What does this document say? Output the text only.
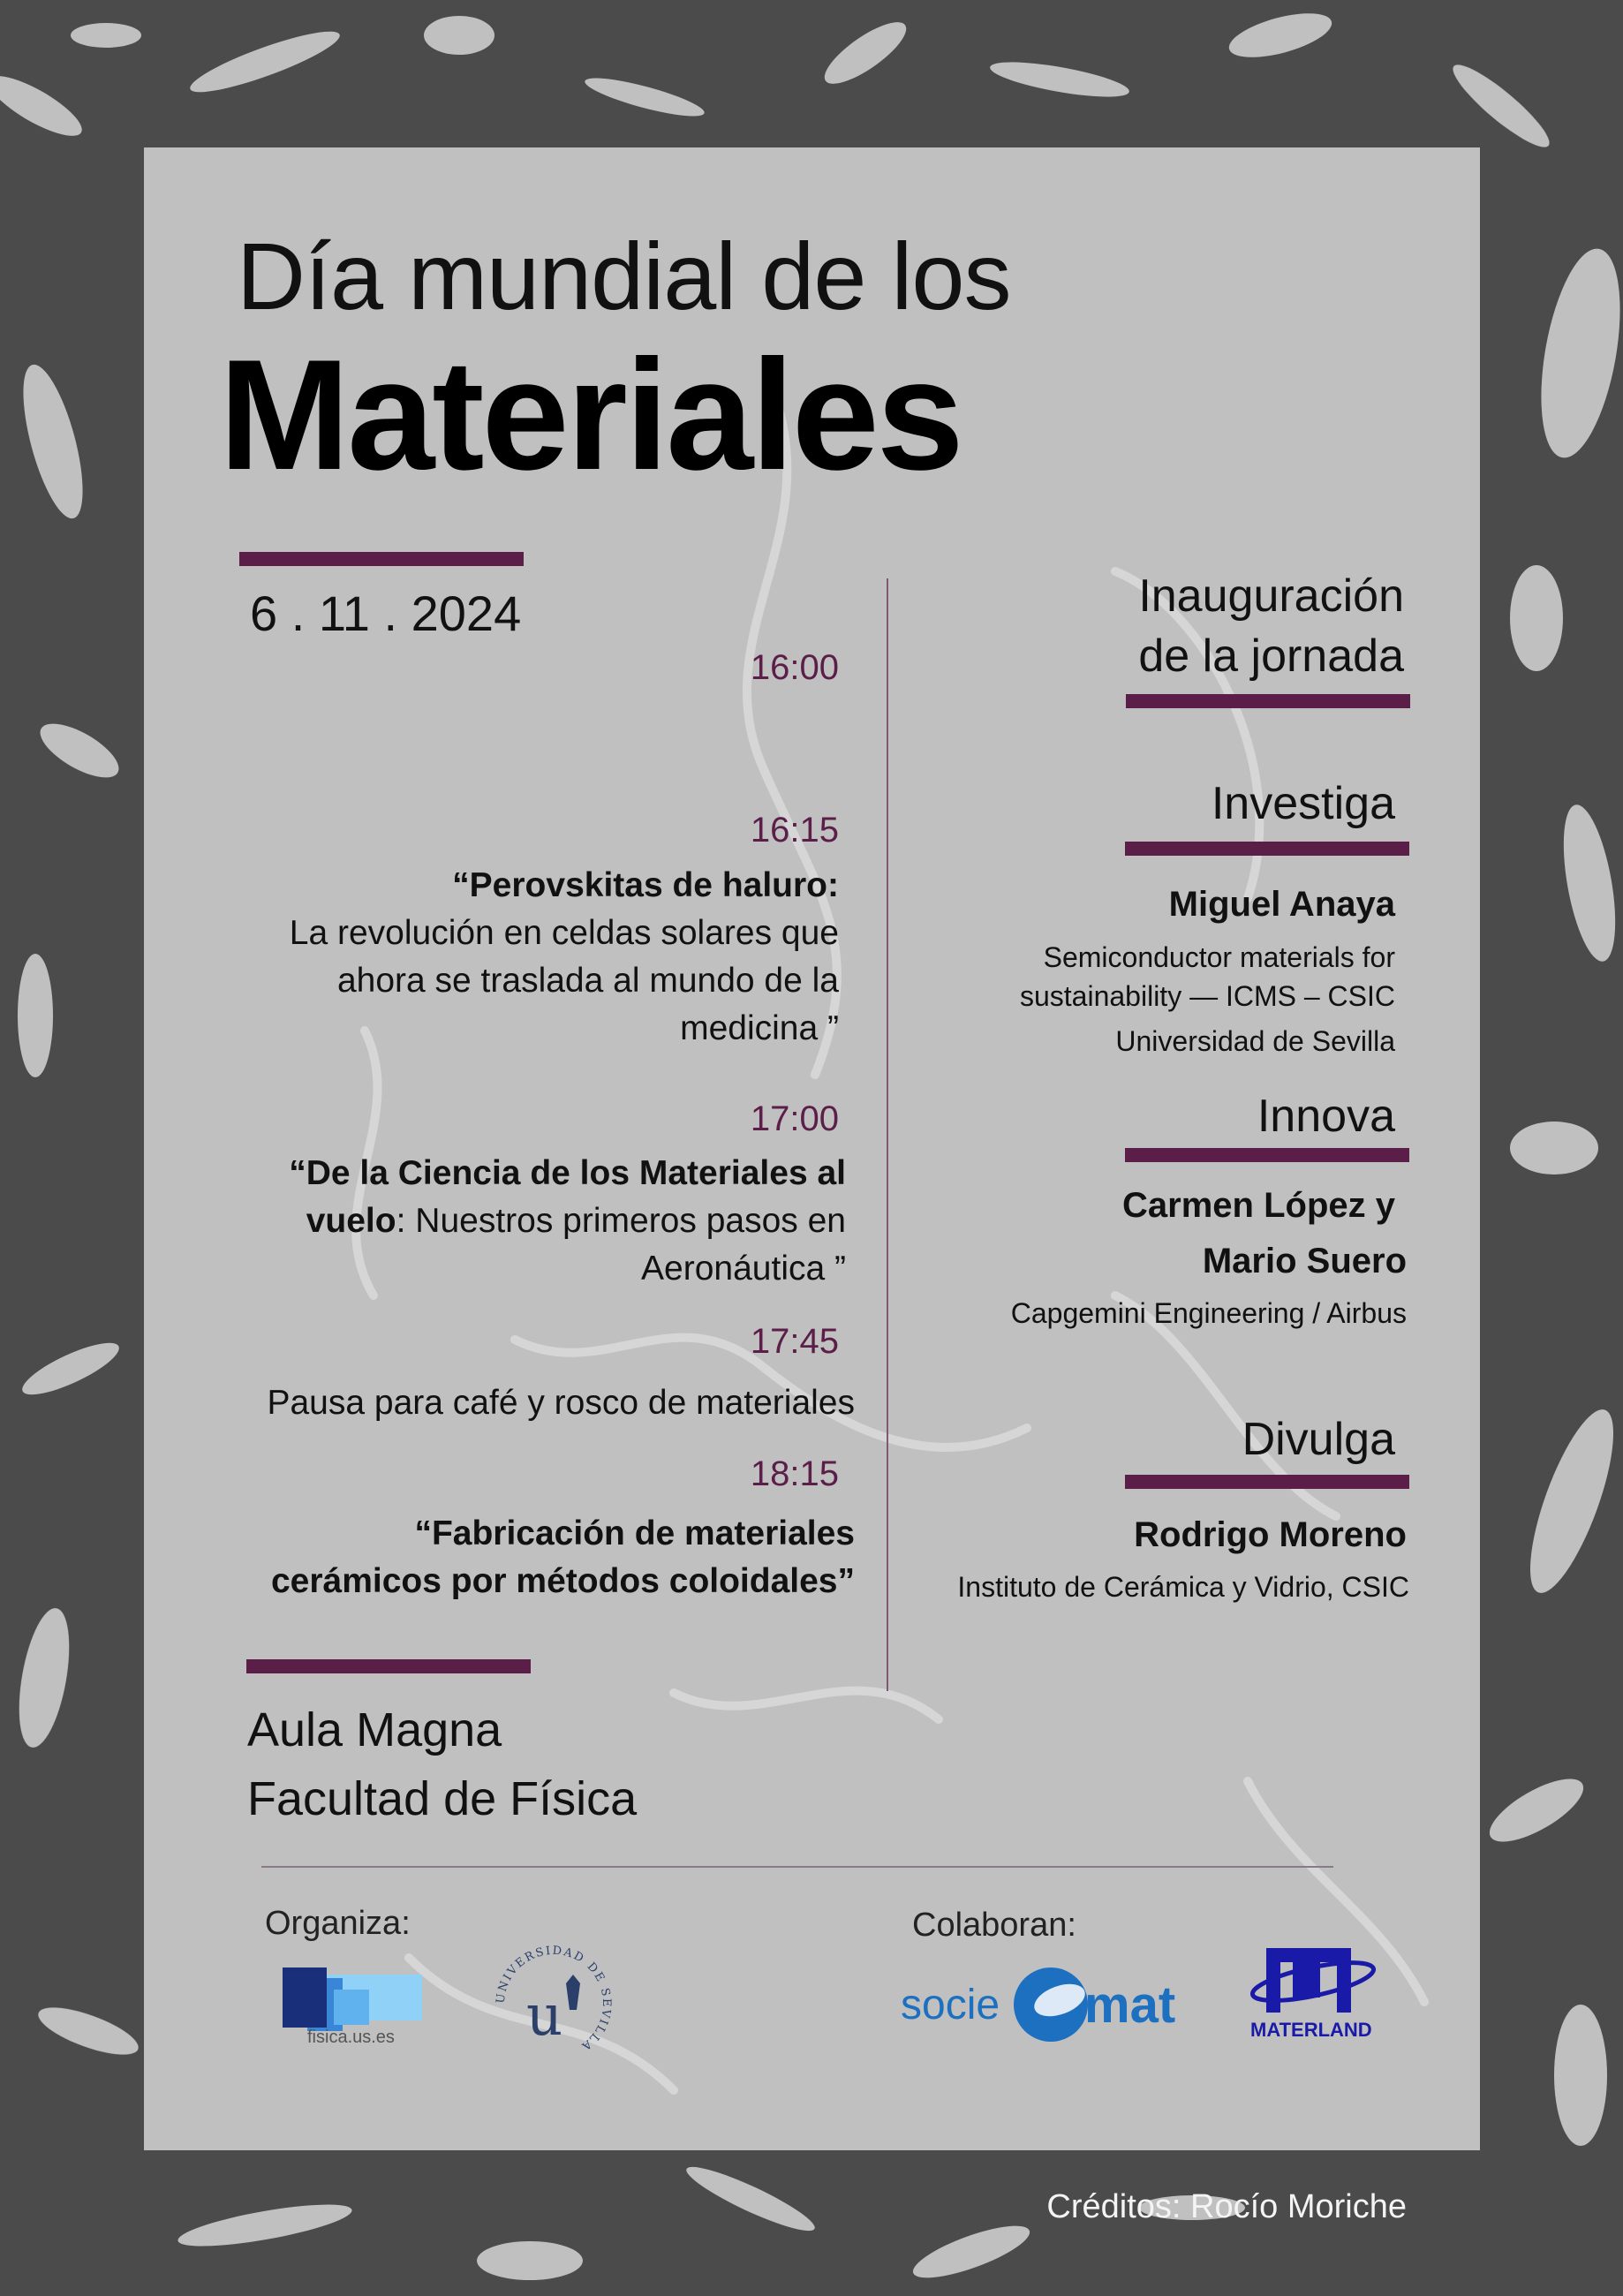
Día mundial de los
Materiales
6 . 11 . 2024
16:00
16:15
“Perovskitas de haluro:
La revolución en celdas solares que ahora se traslada al mundo de la medicina ”
17:00
“De la Ciencia de los Materiales al vuelo: Nuestros primeros pasos en Aeronáutica ”
17:45
Pausa para café y rosco de materiales
18:15
“Fabricación de materiales cerámicos por métodos coloidales”
Inauguración
de la jornada
Investiga
Miguel Anaya
Semiconductor materials for
sustainability — ICMS – CSIC
Universidad de Sevilla
Innova
Carmen López y
Mario Suero
Capgemini Engineering / Airbus
Divulga
Rodrigo Moreno
Instituto de Cerámica y Vidrio, CSIC
Aula Magna
Facultad de Física
Organiza:	Colaboran:
fisica.us.es
UNIVERSIDAD DE SEVILLA
u	socie mat	MATERLAND
Créditos: Rocío Moriche
